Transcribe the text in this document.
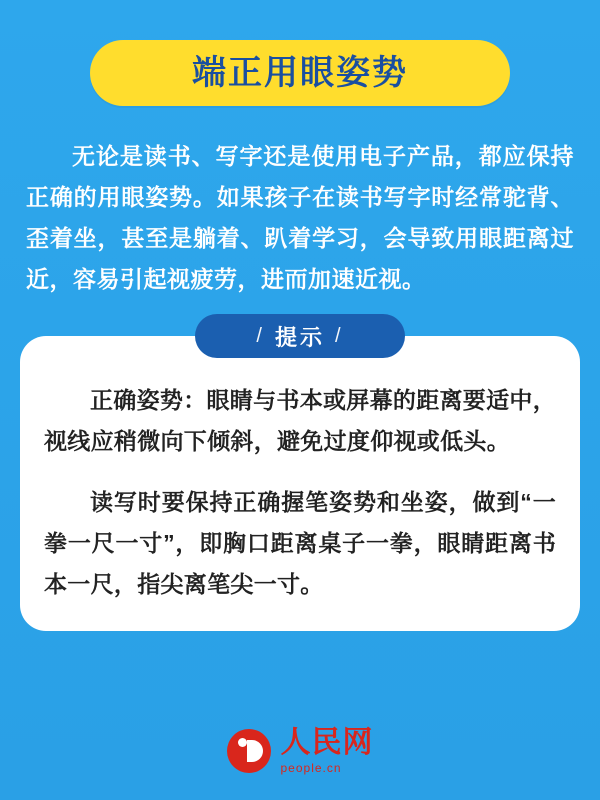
端正用眼姿势
无论是读书、写字还是使用电子产品，都应保持正确的用眼姿势。如果孩子在读书写字时经常驼背、歪着坐，甚至是躺着、趴着学习，会导致用眼距离过近，容易引起视疲劳，进而加速近视。
/ 提示 /

正确姿势：眼睛与书本或屏幕的距离要适中，视线应稍微向下倾斜，避免过度仰视或低头。

读写时要保持正确握笔姿势和坐姿，做到“一拳一尺一寸”，即胸口距离桌子一拳，眼睛距离书本一尺，指尖离笔尖一寸。

人民网
people.cn
